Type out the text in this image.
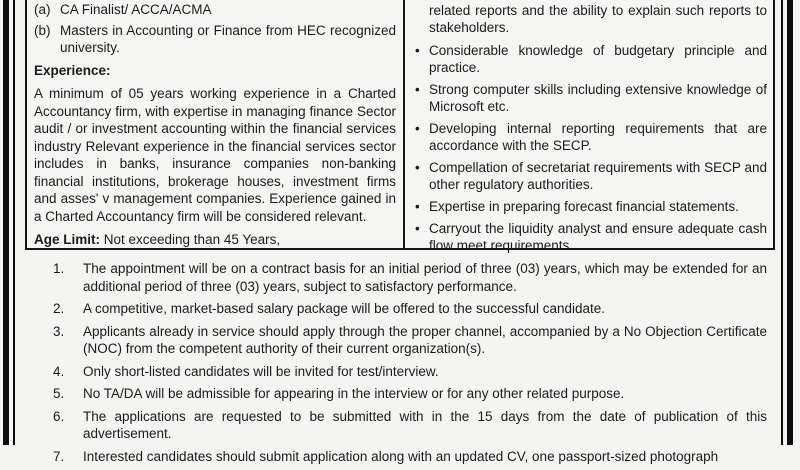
(a) CA Finalist/ ACCA/ACMA
(b) Masters in Accounting or Finance from HEC recognized university.
Experience:
A minimum of 05 years working experience in a Charted Accountancy firm, with expertise in managing finance Sector audit / or investment accounting within the financial services industry Relevant experience in the financial services sector includes in banks, insurance companies non-banking financial institutions, brokerage houses, investment firms and asses' v management companies. Experience gained in a Charted Accountancy firm will be considered relevant.
Age Limit: Not exceeding than 45 Years,
related reports and the ability to explain such reports to stakeholders.
• Considerable knowledge of budgetary principle and practice.
• Strong computer skills including extensive knowledge of Microsoft etc.
• Developing internal reporting requirements that are accordance with the SECP.
• Compellation of secretariat requirements with SECP and other regulatory authorities.
• Expertise in preparing forecast financial statements.
• Carryout the liquidity analyst and ensure adequate cash flow meet requirements
1.	The appointment will be on a contract basis for an initial period of three (03) years, which may be extended for an additional period of three (03) years, subject to satisfactory performance.
2.	A competitive, market-based salary package will be offered to the successful candidate.
3.	Applicants already in service should apply through the proper channel, accompanied by a No Objection Certificate (NOC) from the competent authority of their current organization(s).
4.	Only short-listed candidates will be invited for test/interview.
5.	No TA/DA will be admissible for appearing in the interview or for any other related purpose.
6.	The applications are requested to be submitted with in the 15 days from the date of publication of this advertisement.
7.	Interested candidates should submit application along with an updated CV, one passport-sized photograph
